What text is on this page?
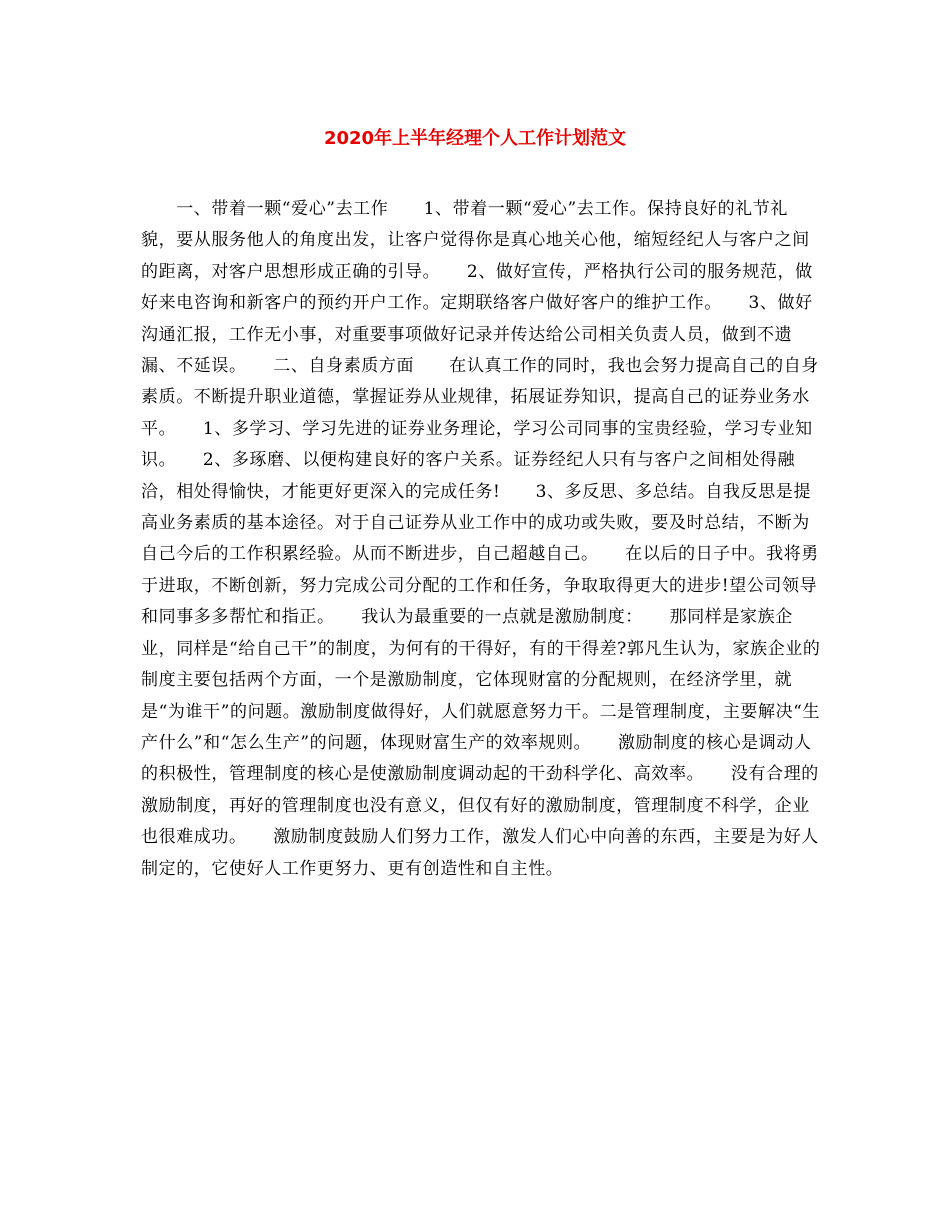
2020年上半年经理个人工作计划范文

　　一、带着一颗“爱心”去工作　　1、带着一颗“爱心”去工作。保持良好的礼节礼貌，要从服务他人的角度出发，让客户觉得你是真心地关心他，缩短经纪人与客户之间的距离，对客户思想形成正确的引导。　　2、做好宣传，严格执行公司的服务规范，做好来电咨询和新客户的预约开户工作。定期联络客户做好客户的维护工作。　　3、做好沟通汇报，工作无小事，对重要事项做好记录并传达给公司相关负责人员，做到不遗漏、不延误。　　二、自身素质方面　　在认真工作的同时，我也会努力提高自己的自身素质。不断提升职业道德，掌握证券从业规律，拓展证券知识，提高自己的证券业务水平。　　1、多学习、学习先进的证券业务理论，学习公司同事的宝贵经验，学习专业知识。　　2、多琢磨、以便构建良好的客户关系。证券经纪人只有与客户之间相处得融洽，相处得愉快，才能更好更深入的完成任务!　　3、多反思、多总结。自我反思是提高业务素质的基本途径。对于自己证券从业工作中的成功或失败，要及时总结，不断为自己今后的工作积累经验。从而不断进步，自己超越自己。　　在以后的日子中。我将勇于进取，不断创新，努力完成公司分配的工作和任务，争取取得更大的进步!望公司领导和同事多多帮忙和指正。　　我认为最重要的一点就是激励制度：　　那同样是家族企业，同样是“给自己干”的制度，为何有的干得好，有的干得差?郭凡生认为，家族企业的制度主要包括两个方面，一个是激励制度，它体现财富的分配规则，在经济学里，就是“为谁干”的问题。激励制度做得好，人们就愿意努力干。二是管理制度，主要解决“生产什么”和“怎么生产”的问题，体现财富生产的效率规则。　　激励制度的核心是调动人的积极性，管理制度的核心是使激励制度调动起的干劲科学化、高效率。　　没有合理的激励制度，再好的管理制度也没有意义，但仅有好的激励制度，管理制度不科学，企业也很难成功。　　激励制度鼓励人们努力工作，激发人们心中向善的东西，主要是为好人制定的，它使好人工作更努力、更有创造性和自主性。
